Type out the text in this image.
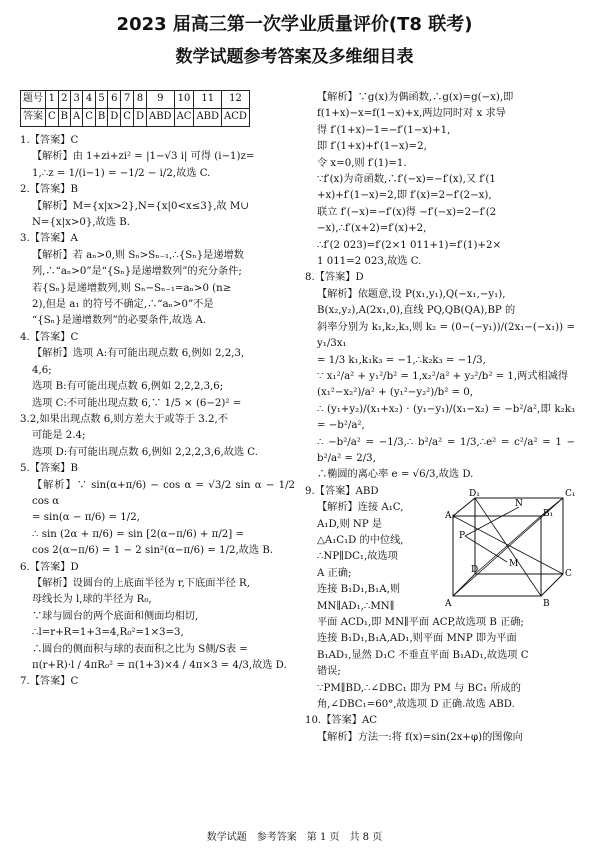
2023 届高三第一次学业质量评价(T8 联考)
数学试题参考答案及多维细目表
题号	1	2	3	4	5	6	7	8	9	10	11	12
答案	C	B	A	C	B	D	C	D	ABD	AC	ABD	ACD

1.【答案】C

【解析】由 1+zi+zi² = |1−√3 i| 可得 (i−1)z=

1,∴z = 1/(i−1) = −1/2 − i/2,故选 C.

2.【答案】B

【解析】M={x|x>2},N={x|0<x≤3},故 M∪

N={x|x>0},故选 B.

3.【答案】A

【解析】若 aₙ>0,则 Sₙ>Sₙ₋₁,∴{Sₙ}是递增数

列,∴“aₙ>0”是“{Sₙ}是递增数列”的充分条件;

若{Sₙ}是递增数列,则 Sₙ−Sₙ₋₁=aₙ>0 (n≥

2),但是 a₁ 的符号不确定,∴“aₙ>0”不是

“{Sₙ}是递增数列”的必要条件,故选 A.

4.【答案】C

【解析】选项 A:有可能出现点数 6,例如 2,2,3,

4,6;

选项 B:有可能出现点数 6,例如 2,2,2,3,6;

选项 C:不可能出现点数 6,∵ 1/5 × (6−2)² =

3.2,如果出现点数 6,则方差大于或等于 3.2,不

可能是 2.4;

选项 D:有可能出现点数 6,例如 2,2,2,3,6,故选 C.

5.【答案】B

【解析】∵ sin(α+π/6) − cos α = √3/2 sin α − 1/2 cos α

= sin(α − π/6) = 1/2,

∴ sin (2α + π/6) = sin [2(α−π/6) + π/2] =

cos 2(α−π/6) = 1 − 2 sin²(α−π/6) = 1/2,故选 B.

6.【答案】D

【解析】设圆台的上底面半径为 r,下底面半径 R,

母线长为 l,球的半径为 R₀,

∵球与圆台的两个底面和侧面均相切,

∴l=r+R=1+3=4,R₀²=1×3=3,

∴圆台的侧面积与球的表面积之比为 S侧/S表 =

π(r+R)·l / 4πR₀² = π(1+3)×4 / 4π×3 = 4/3,故选 D.

7.【答案】C

【解析】∵g(x)为偶函数,∴g(x)=g(−x),即

f(1+x)−x=f(1−x)+x,两边同时对 x 求导

得 f′(1+x)−1=−f′(1−x)+1,

即 f′(1+x)+f′(1−x)=2,

令 x=0,则 f′(1)=1.

∵f′(x)为奇函数,∴f′(−x)=−f′(x),又 f′(1

+x)+f′(1−x)=2,即 f′(x)=2−f′(2−x),

联立 f′(−x)=−f′(x)得 −f′(−x)=2−f′(2

−x),∴f′(x+2)=f′(x)+2,

∴f′(2 023)=f′(2×1 011+1)=f′(1)+2×

1 011=2 023,故选 C.

8.【答案】D

【解析】依题意,设 P(x₁,y₁),Q(−x₁,−y₁),

B(x₂,y₂),A(2x₁,0),直线 PQ,QB(QA),BP 的

斜率分别为 k₁,k₂,k₃,则 k₂ = (0−(−y₁))/(2x₁−(−x₁)) = y₁/3x₁

= 1/3 k₁,k₁k₃ = −1,∴k₂k₃ = −1/3,

∵ x₁²/a² + y₁²/b² = 1,x₂²/a² + y₂²/b² = 1,两式相减得

(x₁²−x₂²)/a² + (y₁²−y₂²)/b² = 0,

∴ (y₁+y₂)/(x₁+x₂) · (y₁−y₁)/(x₁−x₂) = −b²/a²,即 k₂k₃ = −b²/a²,

∴ −b²/a² = −1/3,∴ b²/a² = 1/3,∴e² = c²/a² = 1 − b²/a² = 2/3,

∴椭圆的离心率 e = √6/3,故选 D.

D₁	C₁
A₁	B₁
N
P
M
D	C
A	B

9.【答案】ABD

【解析】连接 A₁C,

A₁D,则 NP 是

△A₁C₁D 的中位线,

∴NP∥DC₁,故选项

A 正确;

连接 B₁D₁,B₁A,则

MN∥AD₁,∴MN∥

平面 ACD₁,即 MN∥平面 ACP,故选项 B 正确;

连接 B₁D₁,B₁A,AD₁,则平面 MNP 即为平面

B₁AD₁,显然 D₁C 不垂直平面 B₁AD₁,故选项 C

错误;

∵PM∥BD,∴∠DBC₁ 即为 PM 与 BC₁ 所成的

角,∠DBC₁=60°,故选项 D 正确.故选 ABD.

10.【答案】AC

【解析】方法一:将 f(x)=sin(2x+φ)的图像向

数学试题　参考答案　第 1 页　共 8 页
